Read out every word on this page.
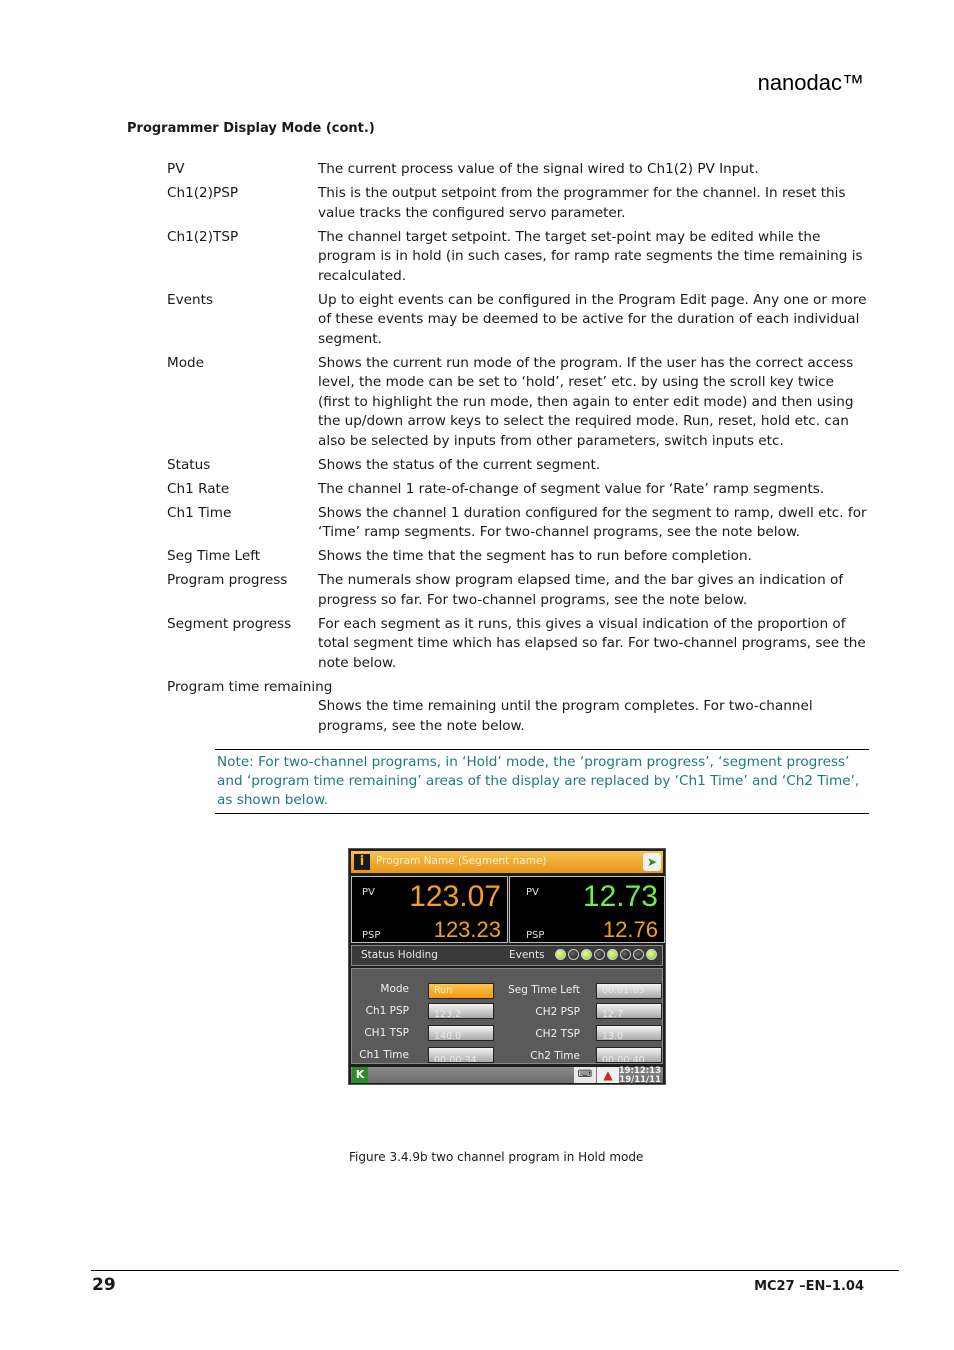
nanodac™
Programmer Display Mode (cont.)
PV	The current process value of the signal wired to Ch1(2) PV Input.
Ch1(2)PSP	This is the output setpoint from the programmer for the channel. In reset this value tracks the configured servo parameter.
Ch1(2)TSP	The channel target setpoint. The target set-point may be edited while the program is in hold (in such cases, for ramp rate segments the time remaining is recalculated.
Events	Up to eight events can be configured in the Program Edit page. Any one or more of these events may be deemed to be active for the duration of each individual segment.
Mode	Shows the current run mode of the program. If the user has the correct access level, the mode can be set to ‘hold’, reset’ etc. by using the scroll key twice (first to highlight the run mode, then again to enter edit mode) and then using the up/down arrow keys to select the required mode. Run, reset, hold etc. can also be selected by inputs from other parameters, switch inputs etc.
Status	Shows the status of the current segment.
Ch1 Rate	The channel 1 rate-of-change of segment value for ‘Rate’ ramp segments.
Ch1 Time	Shows the channel 1 duration configured for the segment to ramp, dwell etc. for ‘Time’ ramp segments. For two-channel programs, see the note below.
Seg Time Left	Shows the time that the segment has to run before completion.
Program progress	The numerals show program elapsed time, and the bar gives an indication of progress so far. For two-channel programs, see the note below.
Segment progress	For each segment as it runs, this gives a visual indication of the proportion of total segment time which has elapsed so far. For two-channel programs, see the note below.
Program time remaining
Shows the time remaining until the program completes. For two-channel programs, see the note below.
Note: For two-channel programs, in ‘Hold’ mode, the ‘program progress’, ‘segment progress’ and ‘program time remaining’ areas of the display are replaced by ‘Ch1 Time’ and ‘Ch2 Time’, as shown below.
i	Program Name (Segment name)	➤
PV 123.07
PSP 123.23
PV 12.73
PSP	12.76
Status Holding	Events
Mode	Run
Ch1 PSP	123.2
CH1 TSP	140.0
Ch1 Time	00:00:34
Seg Time Left	00:01:05
CH2 PSP	12.7
CH2 TSP	13.0
Ch2 Time	00:00:40
K	⌨ ▲ 19:12:13
19/11/11
Figure 3.4.9b two channel program in Hold mode
29	MC27 –EN–1.04
